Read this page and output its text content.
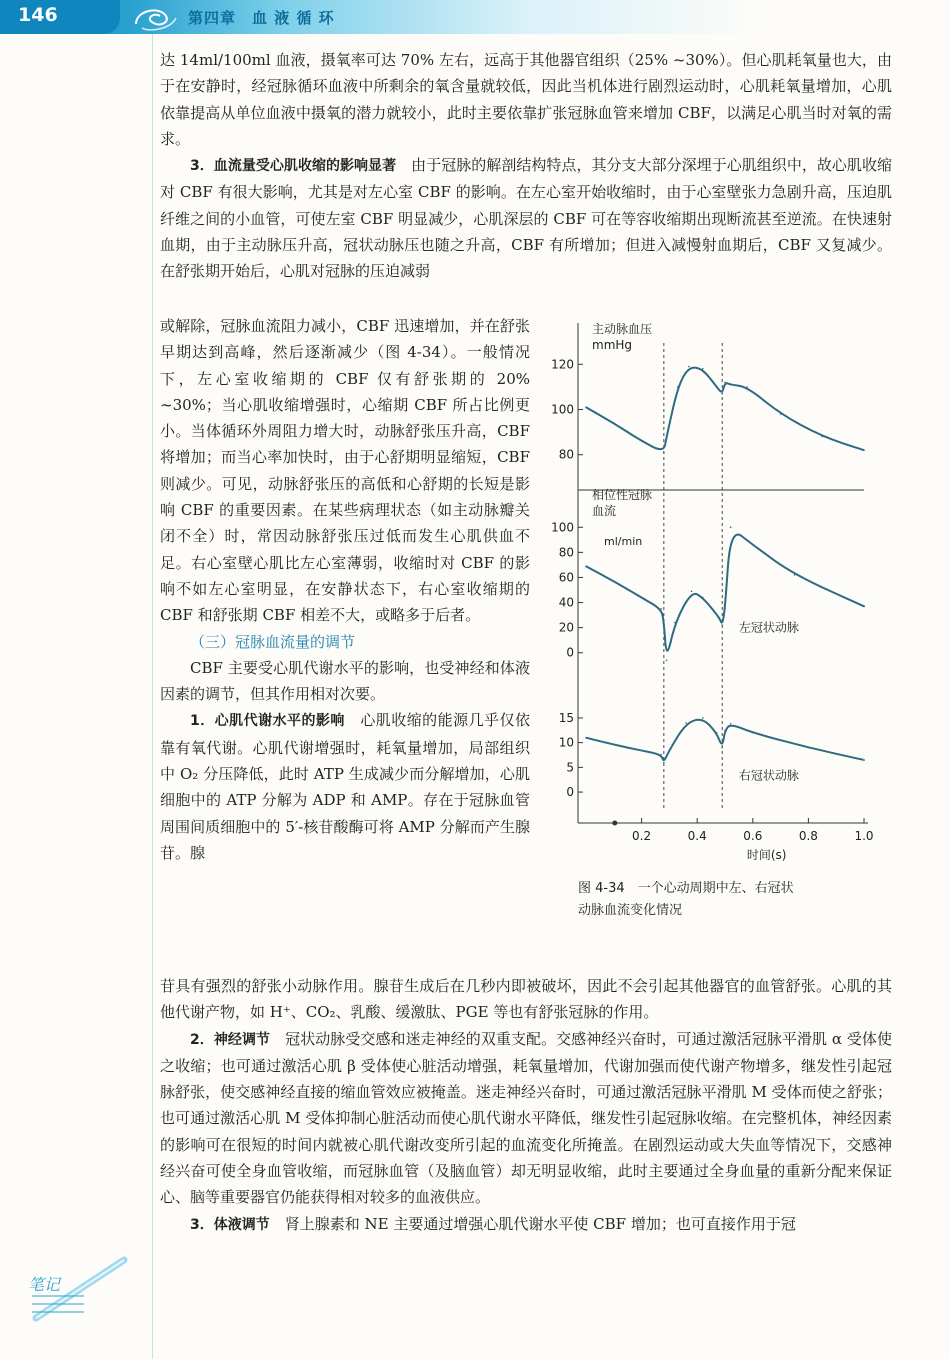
146	第四章　血 液 循 环

达 14ml/100ml 血液，摄氧率可达 70% 左右，远高于其他器官组织（25% ~30%）。但心肌耗氧量也大，由于在安静时，经冠脉循环血液中所剩余的氧含量就较低，因此当机体进行剧烈运动时，心肌耗氧量增加，心肌依靠提高从单位血液中摄氧的潜力就较小，此时主要依靠扩张冠脉血管来增加 CBF，以满足心肌当时对氧的需求。

3．血流量受心肌收缩的影响显著　 由于冠脉的解剖结构特点，其分支大部分深埋于心肌组织中，故心肌收缩对 CBF 有很大影响，尤其是对左心室 CBF 的影响。在左心室开始收缩时，由于心室壁张力急剧升高，压迫肌纤维之间的小血管，可使左室 CBF 明显减少，心肌深层的 CBF 可在等容收缩期出现断流甚至逆流。在快速射血期，由于主动脉压升高，冠状动脉压也随之升高，CBF 有所增加；但进入减慢射血期后，CBF 又复减少。在舒张期开始后，心肌对冠脉的压迫减弱

或解除，冠脉血流阻力减小，CBF 迅速增加，并在舒张早期达到高峰，然后逐渐减少（图 4-34）。一般情况下，左心室收缩期的 CBF 仅有舒张期的 20% ~30%；当心肌收缩增强时，心缩期 CBF 所占比例更小。当体循环外周阻力增大时，动脉舒张压升高，CBF 将增加；而当心率加快时，由于心舒期明显缩短，CBF 则减少。可见，动脉舒张压的高低和心舒期的长短是影响 CBF 的重要因素。在某些病理状态（如主动脉瓣关闭不全）时，常因动脉舒张压过低而发生心肌供血不足。右心室壁心肌比左心室薄弱，收缩时对 CBF 的影响不如左心室明显，在安静状态下，右心室收缩期的 CBF 和舒张期 CBF 相差不大，或略多于后者。

（三）冠脉血流量的调节

CBF 主要受心肌代谢水平的影响，也受神经和体液因素的调节，但其作用相对次要。

1．心肌代谢水平的影响　 心肌收缩的能源几乎仅依靠有氧代谢。心肌代谢增强时，耗氧量增加，局部组织中 O₂ 分压降低，此时 ATP 生成减少而分解增加，心肌细胞中的 ATP 分解为 ADP 和 AMP。存在于冠脉血管周围间质细胞中的 5′-核苷酸酶可将 AMP 分解而产生腺苷。腺

苷具有强烈的舒张小动脉作用。腺苷生成后在几秒内即被破坏，因此不会引起其他器官的血管舒张。心肌的其他代谢产物，如 H⁺、CO₂、乳酸、缓激肽、PGE 等也有舒张冠脉的作用。

2．神经调节　 冠状动脉受交感和迷走神经的双重支配。交感神经兴奋时，可通过激活冠脉平滑肌 α 受体使之收缩；也可通过激活心肌 β 受体使心脏活动增强，耗氧量增加，代谢加强而使代谢产物增多，继发性引起冠脉舒张，使交感神经直接的缩血管效应被掩盖。迷走神经兴奋时，可通过激活冠脉平滑肌 M 受体而使之舒张；也可通过激活心肌 M 受体抑制心脏活动而使心肌代谢水平降低，继发性引起冠脉收缩。在完整机体，神经因素的影响可在很短的时间内就被心肌代谢改变所引起的血流变化所掩盖。在剧烈运动或大失血等情况下，交感神经兴奋可使全身血管收缩，而冠脉血管（及脑血管）却无明显收缩，此时主要通过全身血量的重新分配来保证心、脑等重要器官仍能获得相对较多的血液供应。

3．体液调节　 肾上腺素和 NE 主要通过增强心肌代谢水平使 CBF 增加；也可直接作用于冠

0.2	0.4	0.6	0.8	1.0
时间(s)
120
100
80
主动脉血压
mmHg
100
80
60
40
20
0
相位性冠脉
血流
ml/min
左冠状动脉
15
10
5
0
右冠状动脉
图 4-34　一个心动周期中左、右冠状
动脉血流变化情况
笔记
